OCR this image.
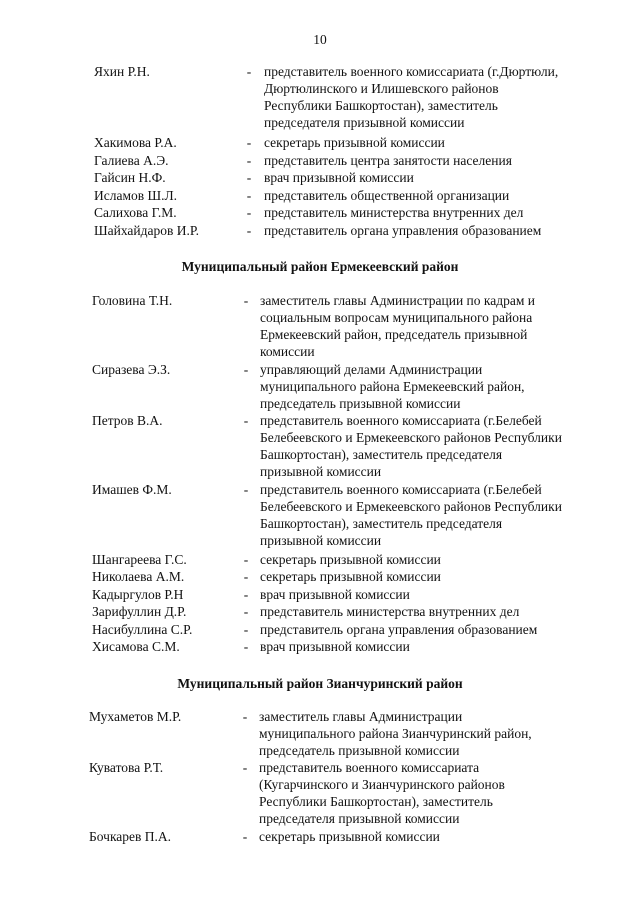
10
Яхин Р.Н.	- представитель военного комиссариата (г.Дюртюли,
Дюртюлинского и Илишевского районов
Республики Башкортостан), заместитель
председателя призывной комиссии
Хакимова Р.А.	- секретарь призывной комиссии
Галиева А.Э.	- представитель центра занятости населения
Гайсин Н.Ф.	- врач призывной комиссии
Исламов Ш.Л.	- представитель общественной организации
Салихова Г.М.	- представитель министерства внутренних дел
Шайхайдаров И.Р.	- представитель органа управления образованием
Муниципальный район Ермекеевский район
Головина Т.Н.	- заместитель главы Администрации по кадрам и
социальным вопросам муниципального района
Ермекеевский район, председатель призывной
комиссии
Сиразева Э.З.	- управляющий делами Администрации
муниципального района Ермекеевский район,
председатель призывной комиссии
Петров В.А.	- представитель военного комиссариата (г.Белебей
Белебеевского и Ермекеевского районов Республики
Башкортостан), заместитель председателя
призывной комиссии
Имашев Ф.М.	- представитель военного комиссариата (г.Белебей
Белебеевского и Ермекеевского районов Республики
Башкортостан), заместитель председателя
призывной комиссии
Шангареева Г.С.	- секретарь призывной комиссии
Николаева А.М.	- секретарь призывной комиссии
Кадыргулов Р.Н	- врач призывной комиссии
Зарифуллин Д.Р.	- представитель министерства внутренних дел
Насибуллина С.Р.	- представитель органа управления образованием
Хисамова С.М.	- врач призывной комиссии
Муниципальный район Зианчуринский район
Мухаметов М.Р.	- заместитель главы Администрации
муниципального района Зианчуринский район,
председатель призывной комиссии
Куватова Р.Т.	- представитель военного комиссариата
(Кугарчинского и Зианчуринского районов
Республики Башкортостан), заместитель
председателя призывной комиссии
Бочкарев П.А.	- секретарь призывной комиссии
